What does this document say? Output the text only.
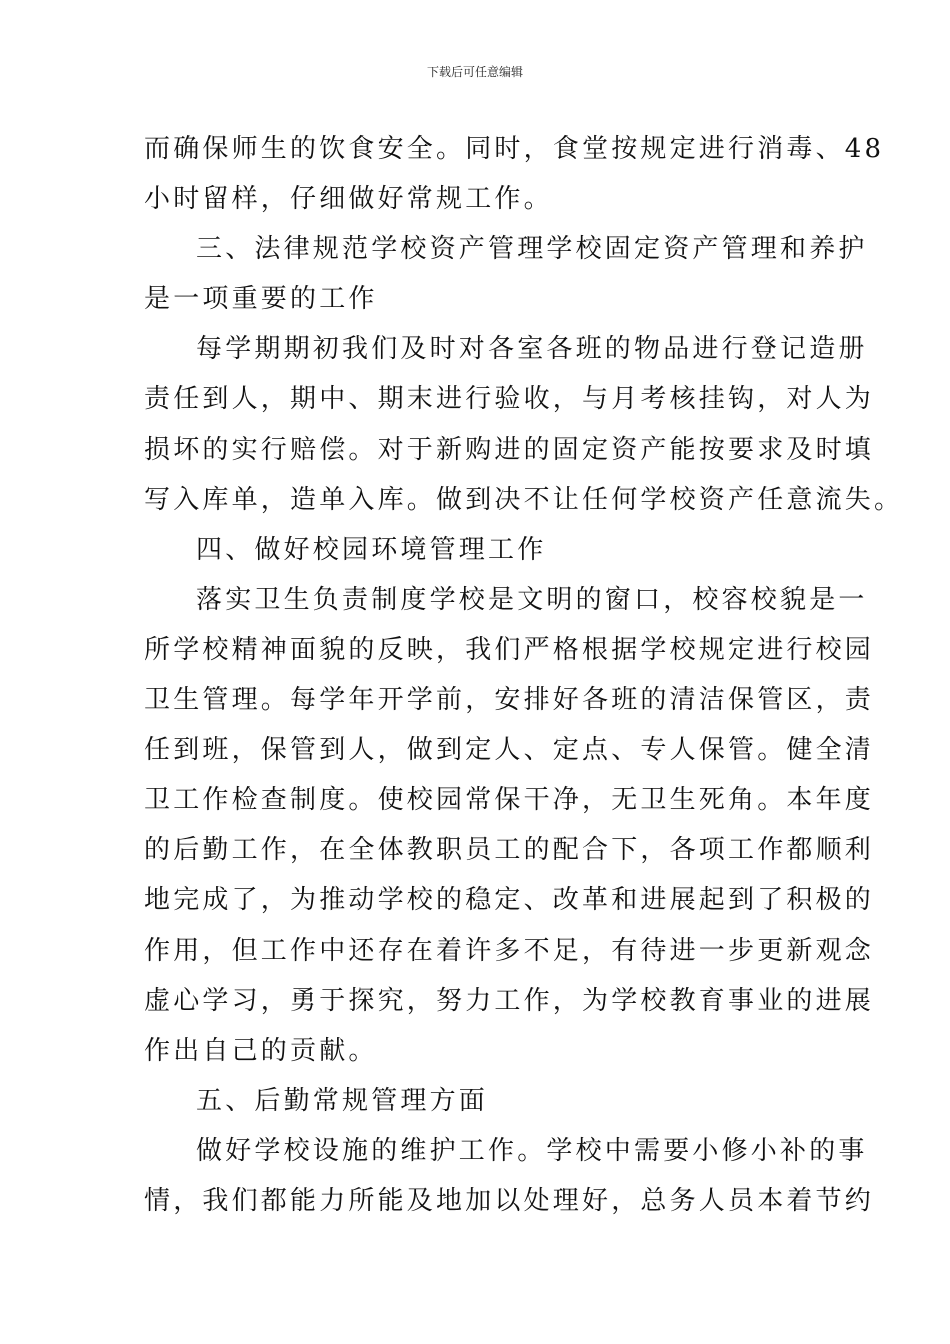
下载后可任意编辑
而确保师生的饮食安全。同时，食堂按规定进行消毒、48
小时留样，仔细做好常规工作。
三、法律规范学校资产管理学校固定资产管理和养护
是一项重要的工作
每学期期初我们及时对各室各班的物品进行登记造册
责任到人，期中、期末进行验收，与月考核挂钩，对人为
损坏的实行赔偿。对于新购进的固定资产能按要求及时填
写入库单，造单入库。做到决不让任何学校资产任意流失。
四、做好校园环境管理工作
落实卫生负责制度学校是文明的窗口，校容校貌是一
所学校精神面貌的反映，我们严格根据学校规定进行校园
卫生管理。每学年开学前，安排好各班的清洁保管区，责
任到班，保管到人，做到定人、定点、专人保管。健全清
卫工作检查制度。使校园常保干净，无卫生死角。本年度
的后勤工作，在全体教职员工的配合下，各项工作都顺利
地完成了，为推动学校的稳定、改革和进展起到了积极的
作用，但工作中还存在着许多不足，有待进一步更新观念
虚心学习，勇于探究，努力工作，为学校教育事业的进展
作出自己的贡献。
五、后勤常规管理方面
做好学校设施的维护工作。学校中需要小修小补的事
情，我们都能力所能及地加以处理好，总务人员本着节约
